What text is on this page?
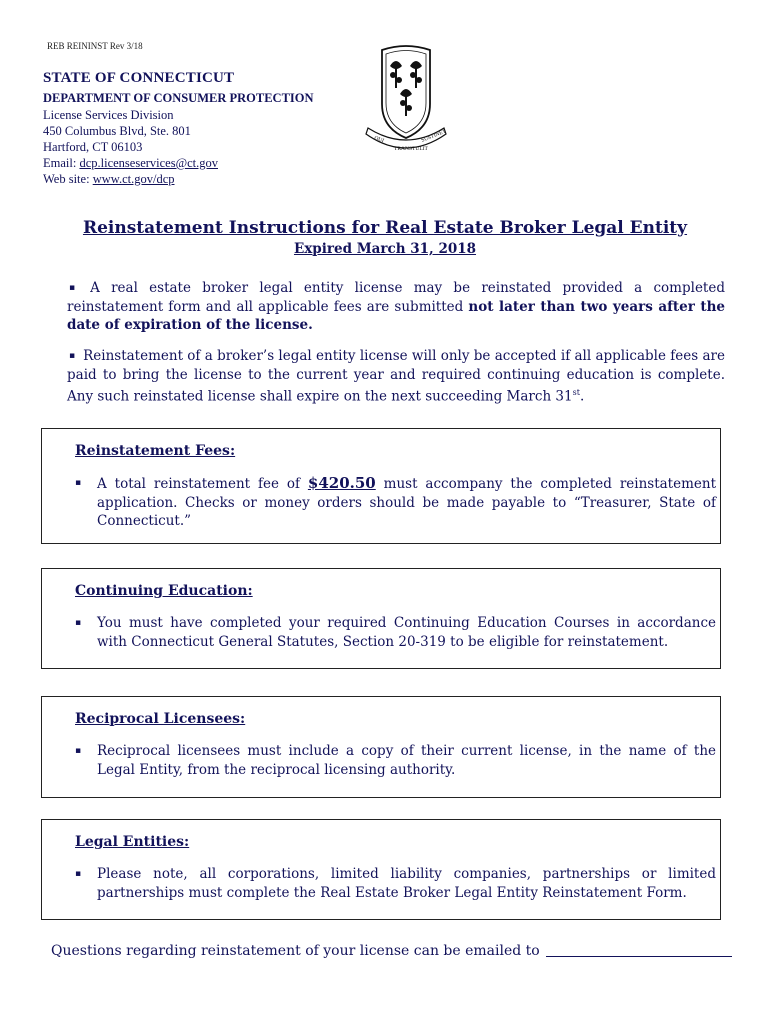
REB REININST Rev 3/18
STATE OF CONNECTICUT
DEPARTMENT OF CONSUMER PROTECTION
License Services Division
450 Columbus Blvd, Ste. 801
Hartford, CT 06103
Email: dcp.licenseservices@ct.gov
Web site: www.ct.gov/dcp
QUI
TRANSTULIT
SUSTINET
Reinstatement Instructions for Real Estate Broker Legal Entity
Expired March 31, 2018
▪ A real estate broker legal entity license may be reinstated provided a completed reinstatement form and all applicable fees are submitted not later than two years after the date of expiration of the license.
▪ Reinstatement of a broker’s legal entity license will only be accepted if all applicable fees are paid to bring the license to the current year and required continuing education is complete. Any such reinstated license shall expire on the next succeeding March 31st.
Reinstatement Fees:
▪ A total reinstatement fee of $420.50 must accompany the completed reinstatement application. Checks or money orders should be made payable to “Treasurer, State of Connecticut.”
Continuing Education:
▪ You must have completed your required Continuing Education Courses in accordance with Connecticut General Statutes, Section 20-319 to be eligible for reinstatement.
Reciprocal Licensees:
▪ Reciprocal licensees must include a copy of their current license, in the name of the Legal Entity, from the reciprocal licensing authority.
Legal Entities:
▪ Please note, all corporations, limited liability companies, partnerships or limited partnerships must complete the Real Estate Broker Legal Entity Reinstatement Form.
Questions regarding reinstatement of your license can be emailed to
